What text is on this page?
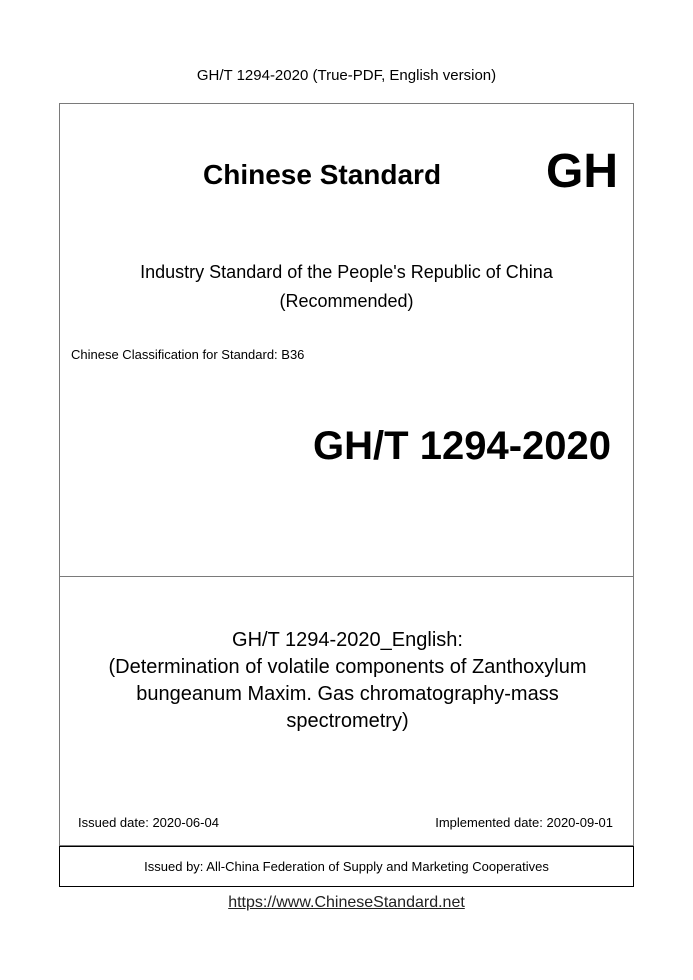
GH/T 1294-2020 (True-PDF, English version)
Chinese Standard GH
Industry Standard of the People's Republic of China
(Recommended)
Chinese Classification for Standard: B36
GH/T 1294-2020
GH/T 1294-2020_English:
(Determination of volatile components of Zanthoxylum
bungeanum Maxim. Gas chromatography-mass
spectrometry)
Issued date: 2020-06-04	Implemented date: 2020-09-01
Issued by: All-China Federation of Supply and Marketing Cooperatives
https://www.ChineseStandard.net
